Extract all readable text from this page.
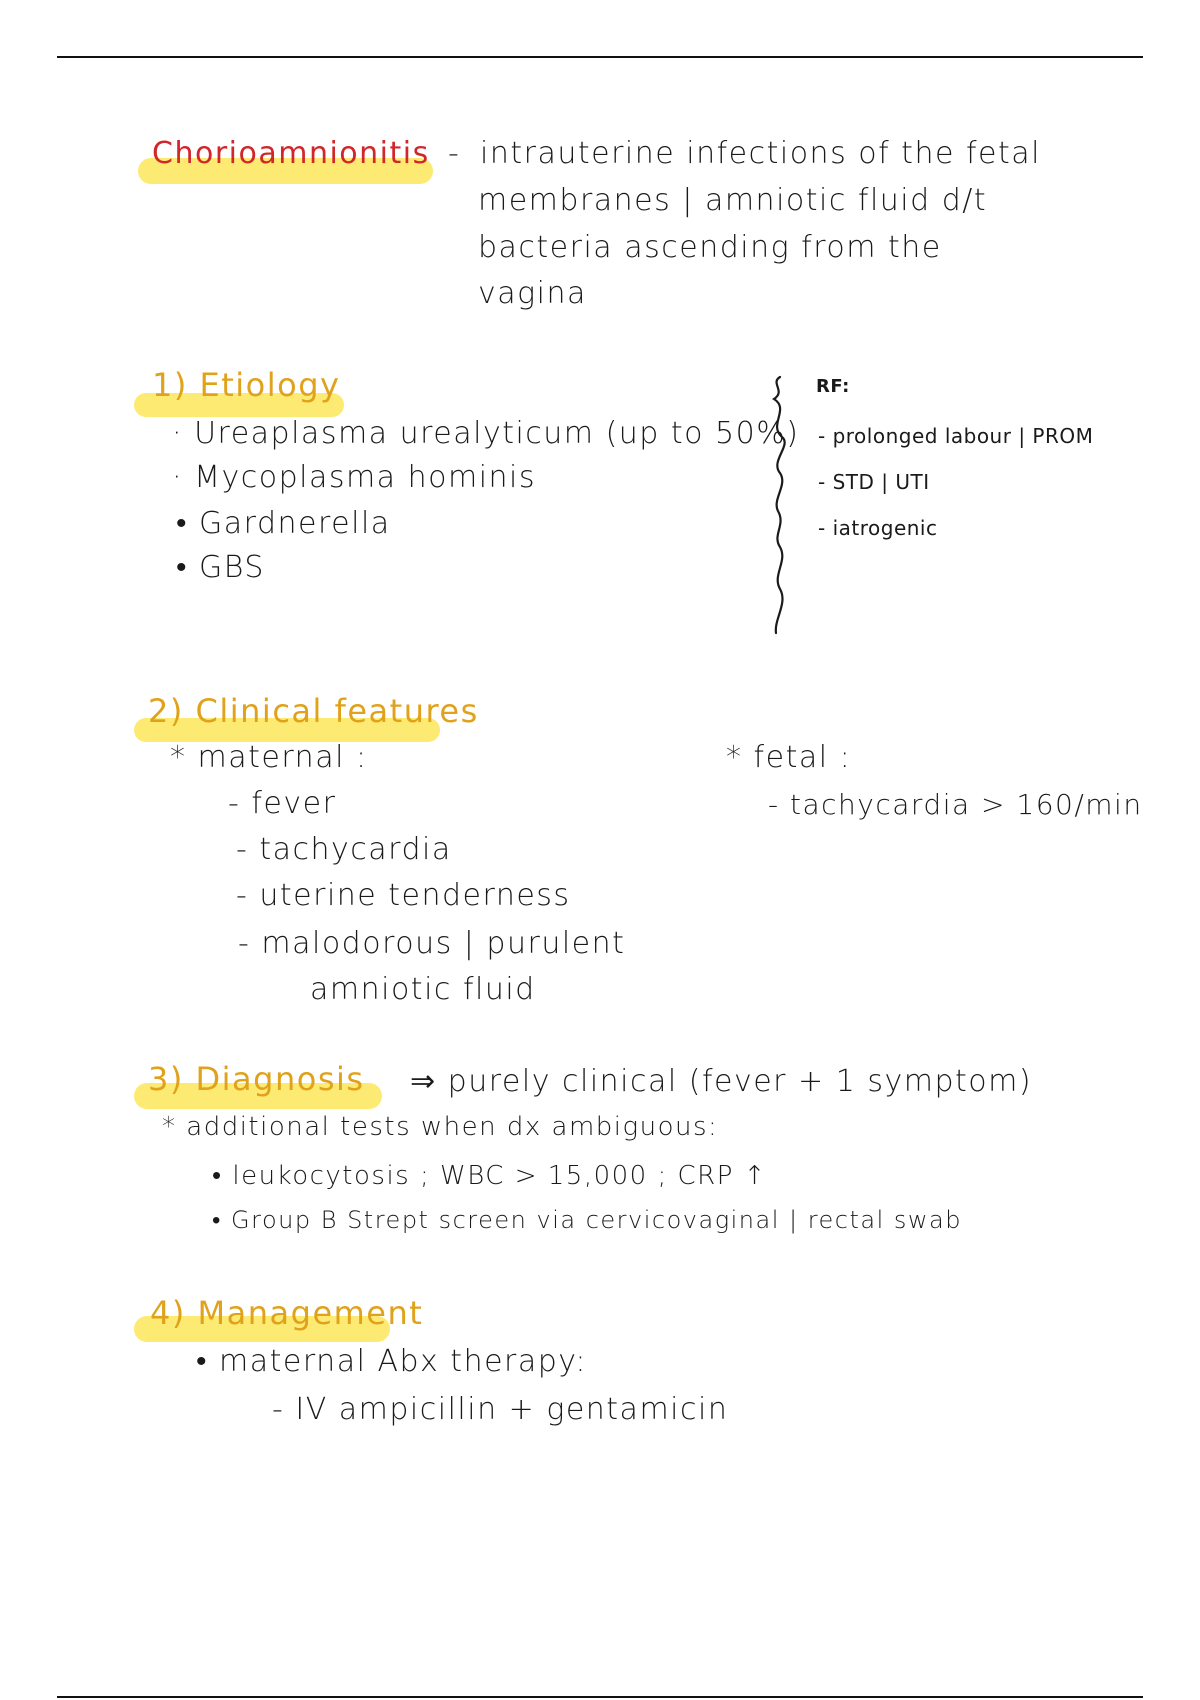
Chorioamnionitis - intrauterine infections of the fetal
membranes | amniotic fluid d/t
bacteria ascending from the
vagina
1) Etiology
· Ureaplasma urealyticum (up to 50%)
· Mycoplasma hominis
• Gardnerella
• GBS
RF:
- prolonged labour | PROM
- STD | UTI
- iatrogenic
2) Clinical features
* maternal :
- fever
- tachycardia
- uterine tenderness
- malodorous | purulent
amniotic fluid
* fetal :
- tachycardia > 160/min
3) Diagnosis ⇒ purely clinical (fever + 1 symptom)
* additional tests when dx ambiguous:
• leukocytosis ; WBC > 15,000 ; CRP ↑
• Group B Strept screen via cervicovaginal | rectal swab
4) Management
• maternal Abx therapy:
- IV ampicillin + gentamicin
